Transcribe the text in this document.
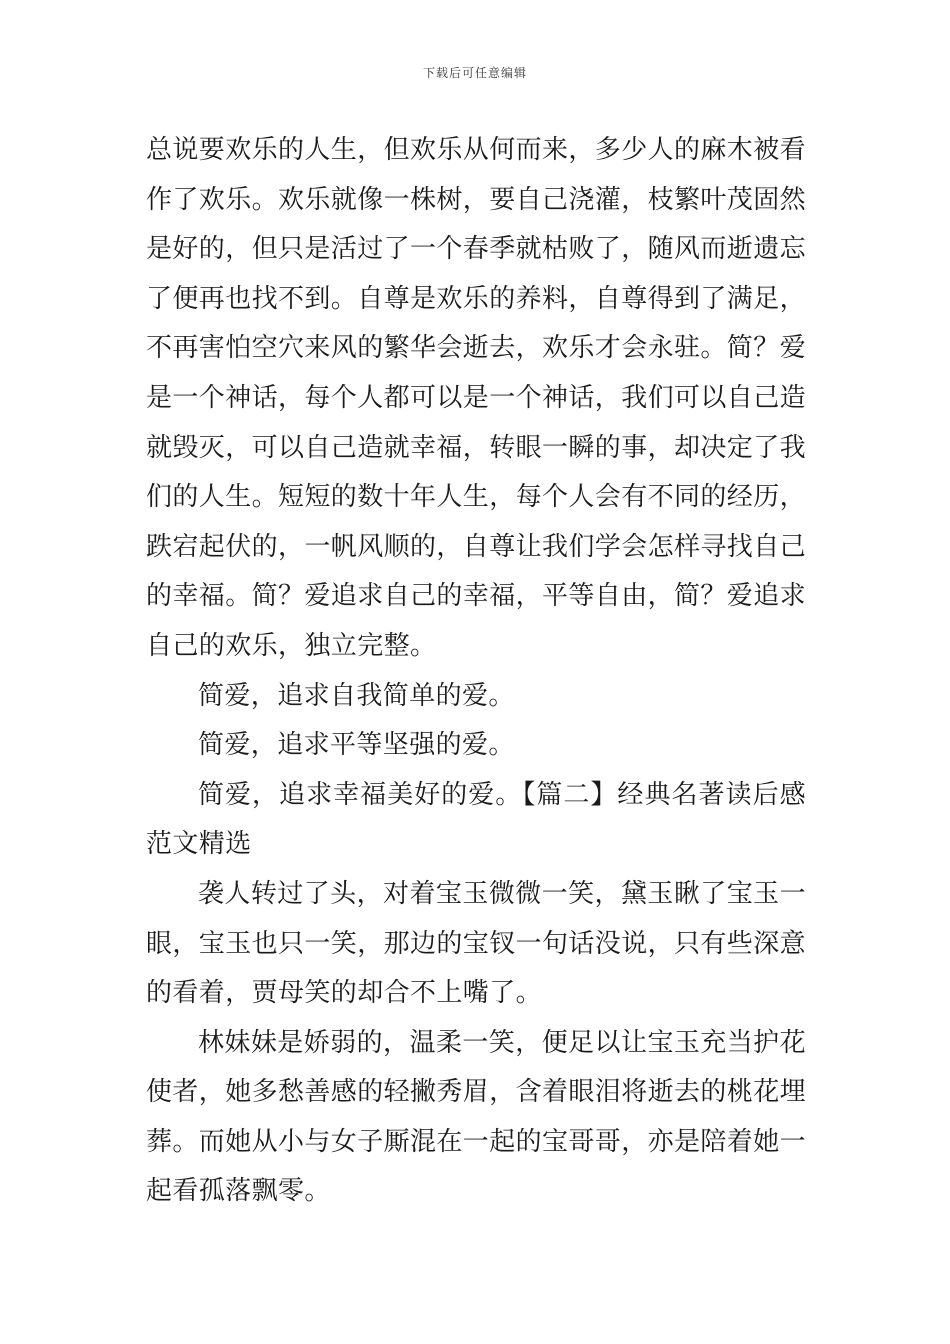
下载后可任意编辑

总说要欢乐的人生，但欢乐从何而来，多少人的麻木被看作了欢乐。欢乐就像一株树，要自己浇灌，枝繁叶茂固然是好的，但只是活过了一个春季就枯败了，随风而逝遗忘了便再也找不到。自尊是欢乐的养料，自尊得到了满足，不再害怕空穴来风的繁华会逝去，欢乐才会永驻。简？爱是一个神话，每个人都可以是一个神话，我们可以自己造就毁灭，可以自己造就幸福，转眼一瞬的事，却决定了我们的人生。短短的数十年人生，每个人会有不同的经历，跌宕起伏的，一帆风顺的，自尊让我们学会怎样寻找自己的幸福。简？爱追求自己的幸福，平等自由，简？爱追求自己的欢乐，独立完整。

简爱，追求自我简单的爱。

简爱，追求平等坚强的爱。

简爱，追求幸福美好的爱。【篇二】经典名著读后感范文精选

袭人转过了头，对着宝玉微微一笑，黛玉瞅了宝玉一眼，宝玉也只一笑，那边的宝钗一句话没说，只有些深意的看着，贾母笑的却合不上嘴了。

林妹妹是娇弱的，温柔一笑，便足以让宝玉充当护花使者，她多愁善感的轻撇秀眉，含着眼泪将逝去的桃花埋葬。而她从小与女子厮混在一起的宝哥哥，亦是陪着她一起看孤落飘零。
